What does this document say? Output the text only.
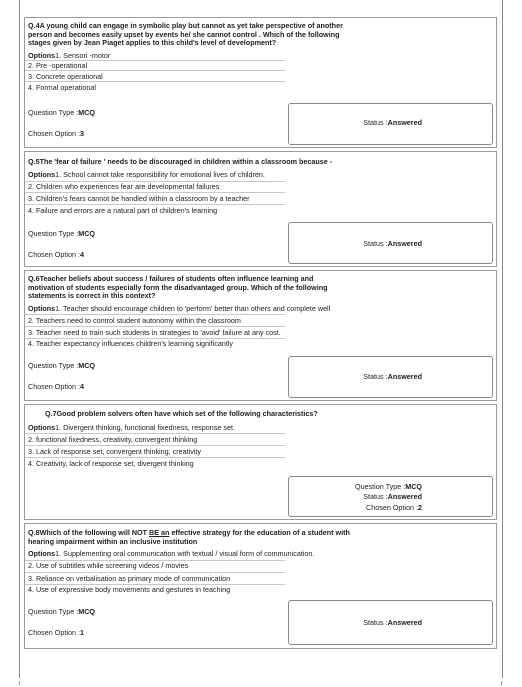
Q.4A young child can engage in symbolic play but cannot as yet take perspective of another person and becomes easily upset by events he/ she cannot control . Which of the following stages given by Jean Piaget applies to this child's level of development?

Options1. Sensori -motor
2. Pre -operational
3. Concrete operational
4. Formal operational
Question Type :MCQ
Chosen Option :3
Status :Answered

Q.5The 'fear of failure ' needs to be discouraged in children within a classroom because -

Options1. School cannot take responsibility for emotional lives of children.
2. Children who experiences fear are developmental failures
3. Children's fears cannot be handled within a classroom by a teacher
4. Failure and errors are a natural part of children's learning
Question Type :MCQ
Chosen Option :4
Status :Answered

Q.6Teacher beliefs about success / failures of students often influence learning and motivation of students especially form the disadvantaged group. Which of the following statements is correct in this context?

Options1. Teacher should encourage children to 'perform' better than others and complete well
2. Teachers need to control student autonomy within the classroom
3. Teacher need to train such students in strategies to 'avoid' failure at any cost.
4. Teacher expectancy influences children's learning significantly
Question Type :MCQ
Chosen Option :4
Status :Answered

Q.7Good problem solvers often have which set of the following characteristics?

Options1. Divergent thinking, functional fixedness, response set.
2. functional fixedness, creativity, convergent thinking
3. Lack of response set, convergent thinking, creativity
4. Creativity, lack of response set, divergent thinking
Question Type :MCQ
Status :Answered
Chosen Option :2

Q.8Which of the following will NOT BE an effective strategy for the education of a student with hearing impairment within an inclusive institution

Options1. Supplementing oral communication with textual / visual form of communication.
2. Use of subtitles while screening videos / movies
3. Reliance on verbalisation as primary mode of communication
4. Use of expressive body movements and gestures in teaching
Question Type :MCQ
Chosen Option :1
Status :Answered
